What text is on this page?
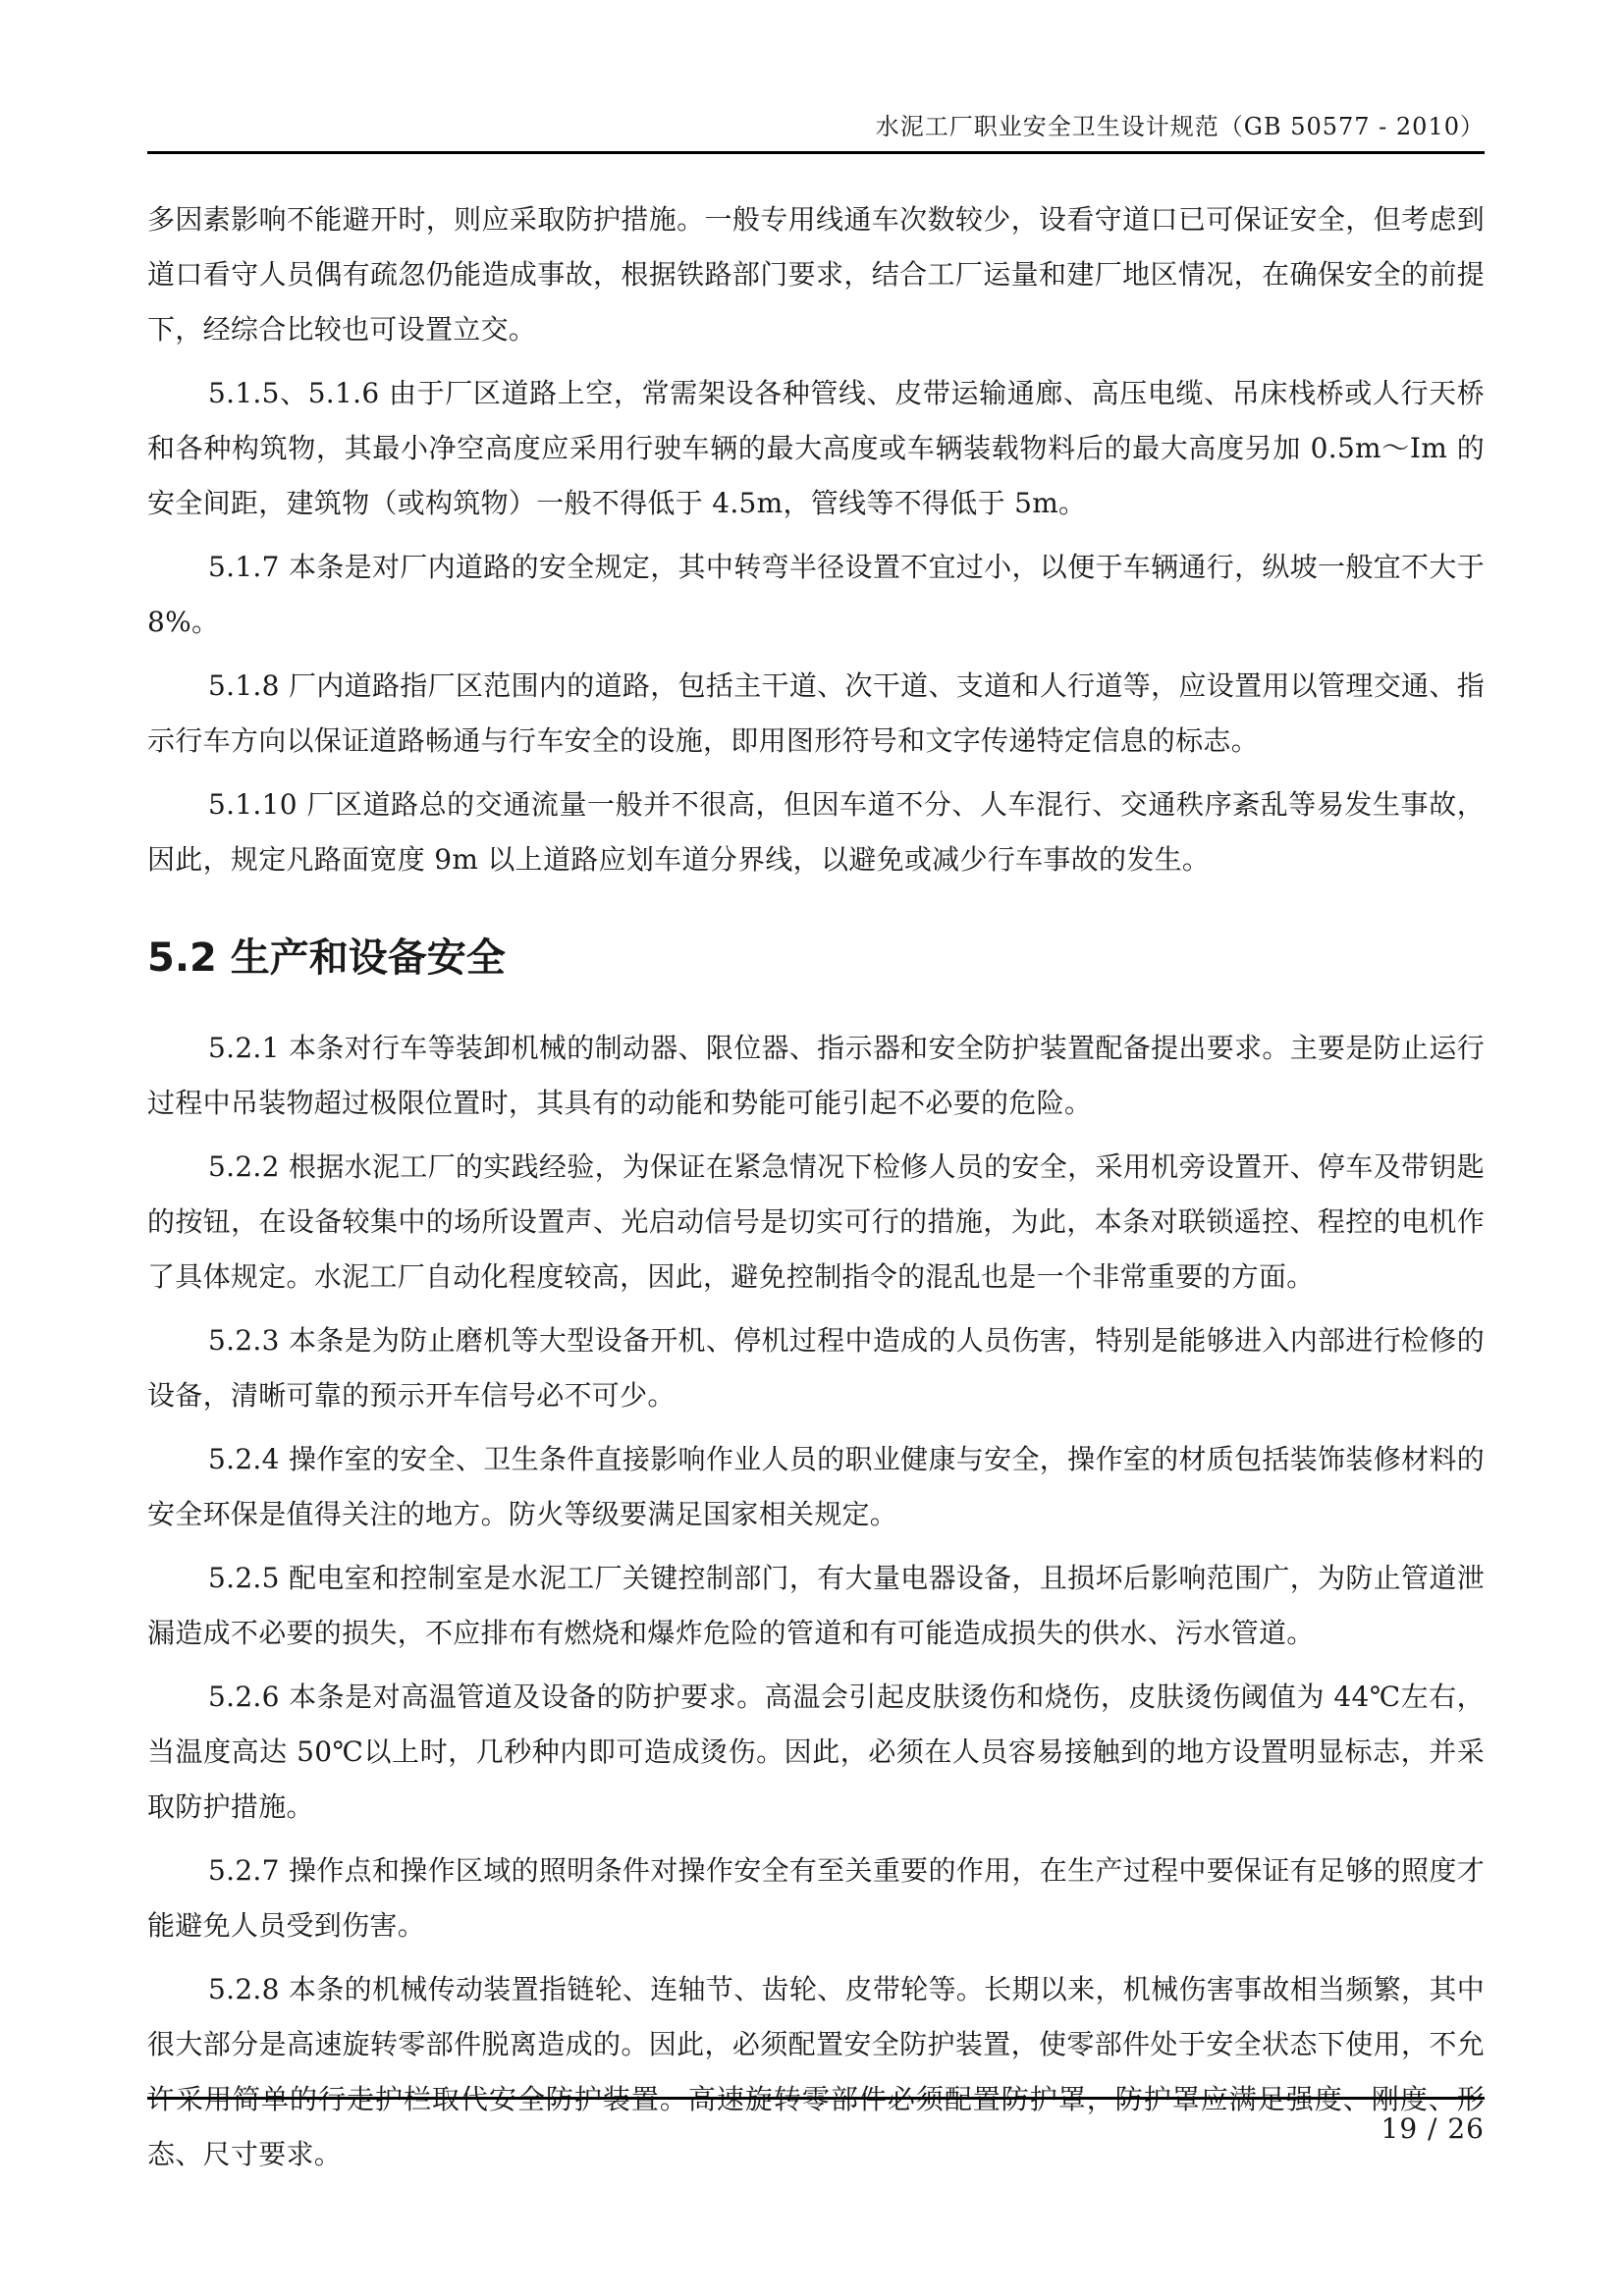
水泥工厂职业安全卫生设计规范（GB 50577 - 2010）

多因素影响不能避开时，则应采取防护措施。一般专用线通车次数较少，设看守道口已可保证安全，但考虑到道口看守人员偶有疏忽仍能造成事故，根据铁路部门要求，结合工厂运量和建厂地区情况，在确保安全的前提下，经综合比较也可设置立交。

5.1.5、5.1.6 由于厂区道路上空，常需架设各种管线、皮带运输通廊、高压电缆、吊床栈桥或人行天桥和各种构筑物，其最小净空高度应采用行驶车辆的最大高度或车辆装载物料后的最大高度另加 0.5m～Im 的安全间距，建筑物（或构筑物）一般不得低于 4.5m，管线等不得低于 5m。

5.1.7 本条是对厂内道路的安全规定，其中转弯半径设置不宜过小，以便于车辆通行，纵坡一般宜不大于 8%。

5.1.8 厂内道路指厂区范围内的道路，包括主干道、次干道、支道和人行道等，应设置用以管理交通、指示行车方向以保证道路畅通与行车安全的设施，即用图形符号和文字传递特定信息的标志。

5.1.10 厂区道路总的交通流量一般并不很高，但因车道不分、人车混行、交通秩序紊乱等易发生事故，因此，规定凡路面宽度 9m 以上道路应划车道分界线，以避免或减少行车事故的发生。

5.2 生产和设备安全

5.2.1 本条对行车等装卸机械的制动器、限位器、指示器和安全防护装置配备提出要求。主要是防止运行过程中吊装物超过极限位置时，其具有的动能和势能可能引起不必要的危险。

5.2.2 根据水泥工厂的实践经验，为保证在紧急情况下检修人员的安全，采用机旁设置开、停车及带钥匙的按钮，在设备较集中的场所设置声、光启动信号是切实可行的措施，为此，本条对联锁遥控、程控的电机作了具体规定。水泥工厂自动化程度较高，因此，避免控制指令的混乱也是一个非常重要的方面。

5.2.3 本条是为防止磨机等大型设备开机、停机过程中造成的人员伤害，特别是能够进入内部进行检修的设备，清晰可靠的预示开车信号必不可少。

5.2.4 操作室的安全、卫生条件直接影响作业人员的职业健康与安全，操作室的材质包括装饰装修材料的安全环保是值得关注的地方。防火等级要满足国家相关规定。

5.2.5 配电室和控制室是水泥工厂关键控制部门，有大量电器设备，且损坏后影响范围广，为防止管道泄漏造成不必要的损失，不应排布有燃烧和爆炸危险的管道和有可能造成损失的供水、污水管道。

5.2.6 本条是对高温管道及设备的防护要求。高温会引起皮肤烫伤和烧伤，皮肤烫伤阈值为 44℃左右，当温度高达 50℃以上时，几秒种内即可造成烫伤。因此，必须在人员容易接触到的地方设置明显标志，并采取防护措施。

5.2.7 操作点和操作区域的照明条件对操作安全有至关重要的作用，在生产过程中要保证有足够的照度才能避免人员受到伤害。

5.2.8 本条的机械传动装置指链轮、连轴节、齿轮、皮带轮等。长期以来，机械伤害事故相当频繁，其中很大部分是高速旋转零部件脱离造成的。因此，必须配置安全防护装置，使零部件处于安全状态下使用，不允许采用简单的行走护栏取代安全防护装置。高速旋转零部件必须配置防护罩，防护罩应满足强度、刚度、形态、尺寸要求。

19 / 26
